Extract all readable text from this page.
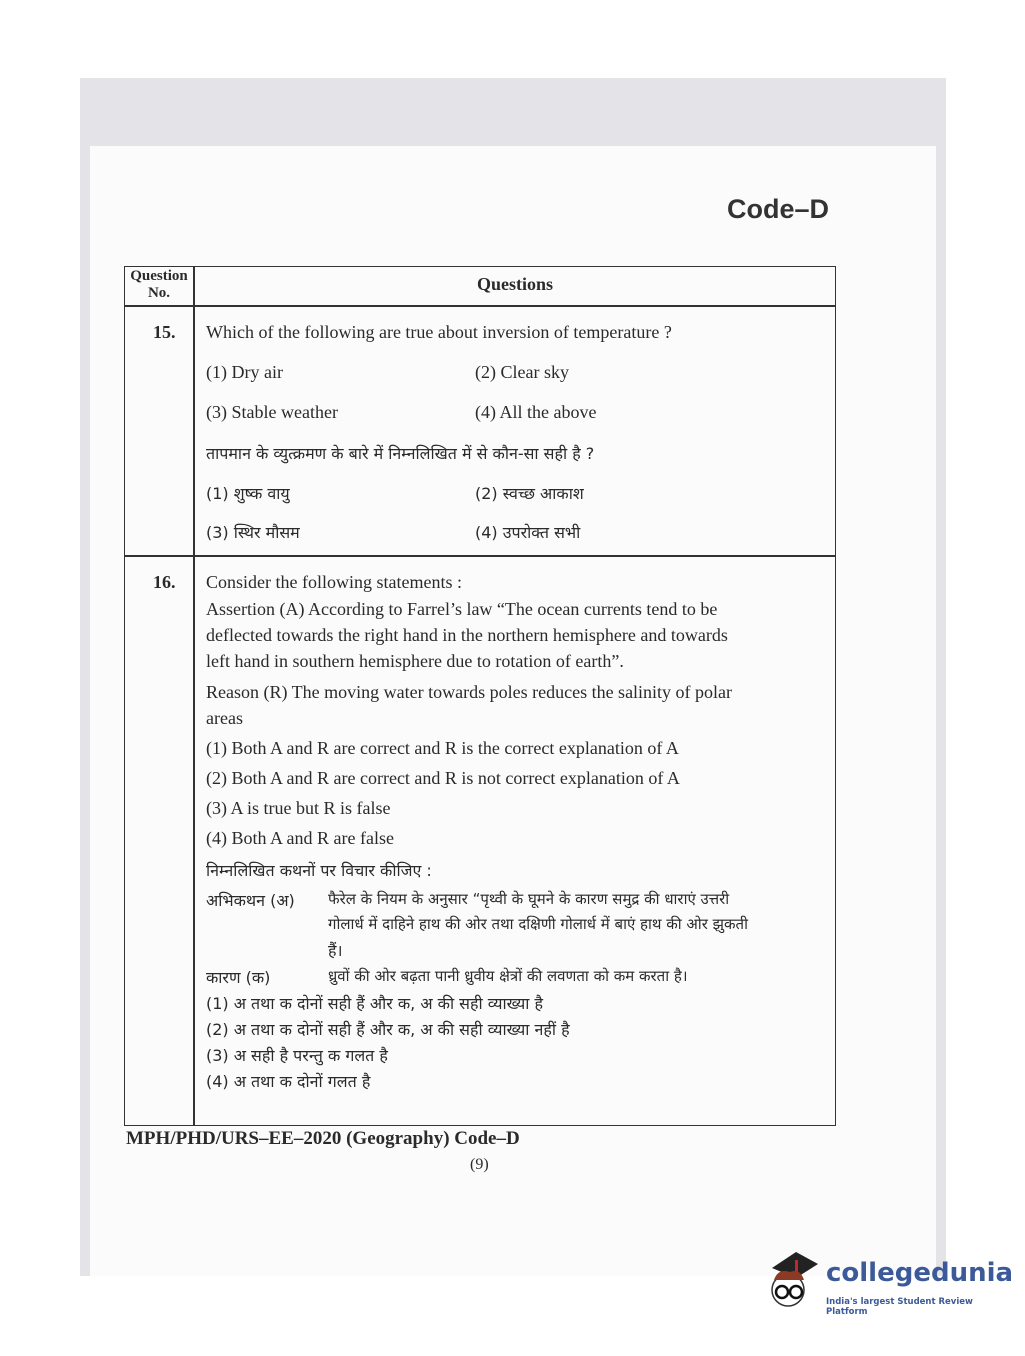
Code–D
Question No.	Questions
15. Which of the following are true about inversion of temperature ?
(1) Dry air	(2) Clear sky
(3) Stable weather	(4) All the above
तापमान के व्युत्क्रमण के बारे में निम्नलिखित में से कौन-सा सही है ?
(1) शुष्क वायु	(2) स्वच्छ आकाश
(3) स्थिर मौसम	(4) उपरोक्त सभी
16. Consider the following statements :
Assertion (A) According to Farrel’s law “The ocean currents tend to be
deflected towards the right hand in the northern hemisphere and towards
left hand in southern hemisphere due to rotation of earth”.
Reason (R) The moving water towards poles reduces the salinity of polar
areas
(1) Both A and R are correct and R is the correct explanation of A
(2) Both A and R are correct and R is not correct explanation of A
(3) A is true but R is false
(4) Both A and R are false
निम्नलिखित कथनों पर विचार कीजिए :
अभिकथन (अ) फैरेल के नियम के अनुसार “पृथ्वी के घूमने के कारण समुद्र की धाराएं उत्तरी
गोलार्ध में दाहिने हाथ की ओर तथा दक्षिणी गोलार्ध में बाएं हाथ की ओर झुकती
हैं।
कारण (क)	ध्रुवों की ओर बढ़ता पानी ध्रुवीय क्षेत्रों की लवणता को कम करता है।
(1) अ तथा क दोनों सही हैं और क, अ की सही व्याख्या है
(2) अ तथा क दोनों सही हैं और क, अ की सही व्याख्या नहीं है
(3) अ सही है परन्तु क गलत है
(4) अ तथा क दोनों गलत है
MPH/PHD/URS–EE–2020 (Geography) Code–D
(9)
collegedunia
India's largest Student Review Platform
